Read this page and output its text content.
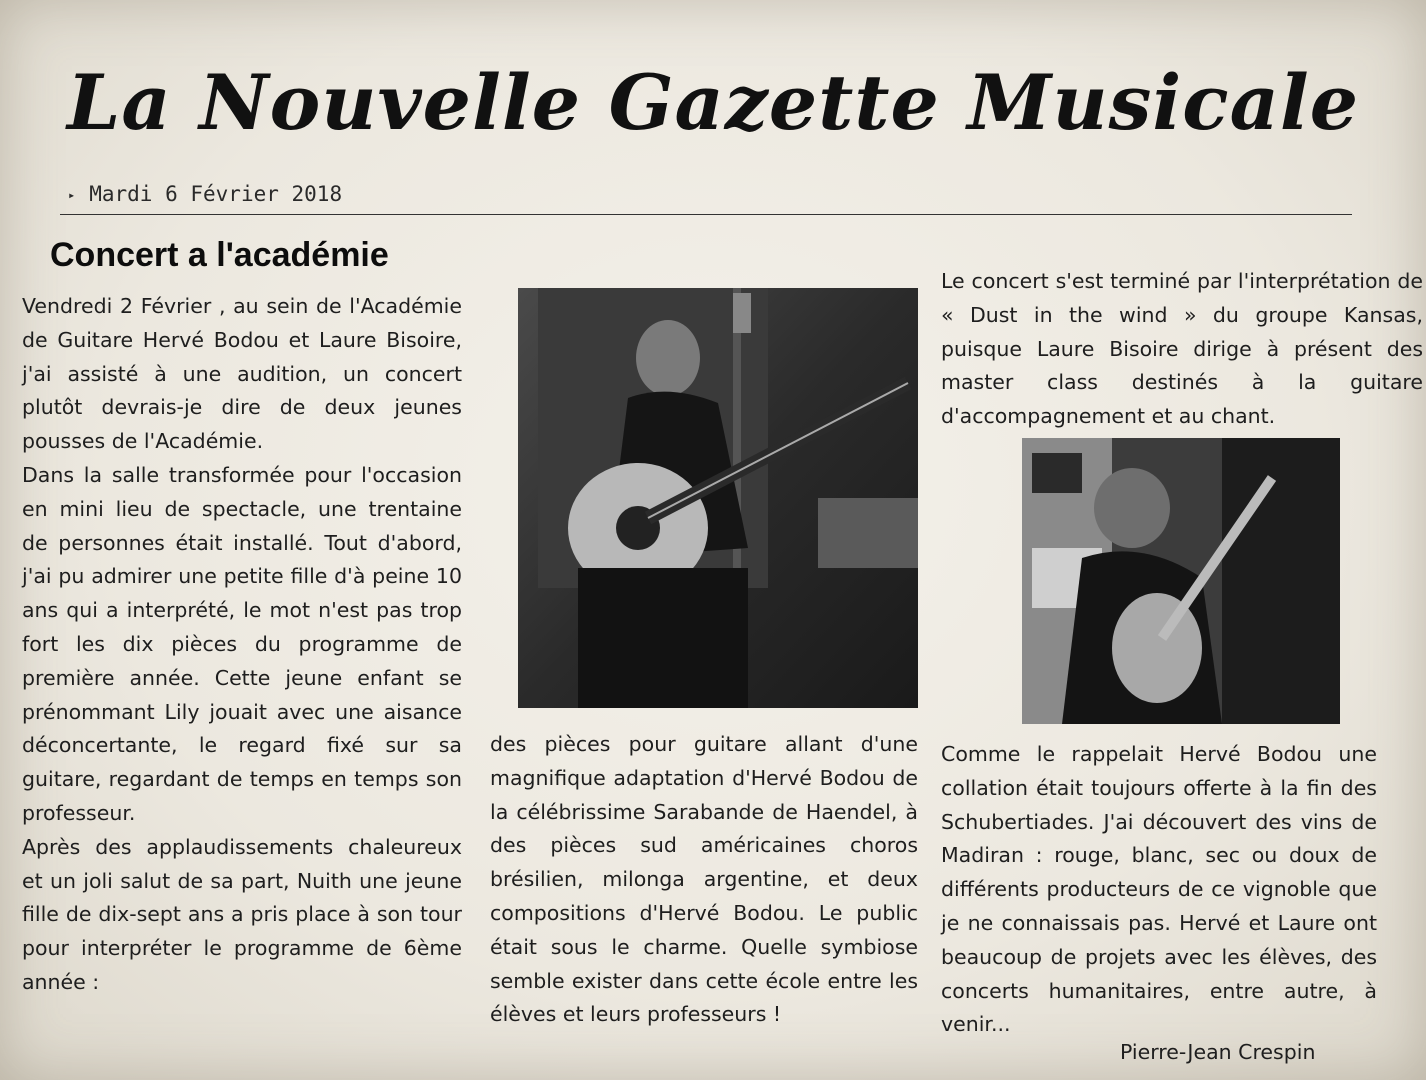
La Nouvelle Gazette Musicale
▸ Mardi 6 Février 2018
Concert a l'académie

Vendredi 2 Février , au sein de l'Académie de Guitare Hervé Bodou et Laure Bisoire, j'ai assisté à une audition, un concert plutôt devrais-je dire de deux jeunes pousses de l'Académie.

Dans la salle transformée pour l'occasion en mini lieu de spectacle, une trentaine de personnes était installé. Tout d'abord, j'ai pu admirer une petite fille d'à peine 10 ans qui a interprété, le mot n'est pas trop fort les dix pièces du programme de première année. Cette jeune enfant se prénommant Lily jouait avec une aisance déconcertante, le regard fixé sur sa guitare, regardant de temps en temps son professeur.

Après des applaudissements chaleureux et un joli salut de sa part, Nuith une jeune fille de dix-sept ans a pris place à son tour pour interpréter le programme de 6ème année :

des pièces pour guitare allant d'une magnifique adaptation d'Hervé Bodou de la célébrissime Sarabande de Haendel, à des pièces sud américaines choros brésilien, milonga argentine, et deux compositions d'Hervé Bodou. Le public était sous le charme. Quelle symbiose semble exister dans cette école entre les élèves et leurs professeurs !

Le concert s'est terminé par l'interprétation de « Dust in the wind » du groupe Kansas, puisque Laure Bisoire dirige à présent des master class destinés à la guitare d'accompagnement et au chant.

Comme le rappelait Hervé Bodou une collation était toujours offerte à la fin des Schubertiades. J'ai découvert des vins de Madiran : rouge, blanc, sec ou doux de différents producteurs de ce vignoble que je ne connaissais pas. Hervé et Laure ont beaucoup de projets avec les élèves, des concerts humanitaires, entre autre, à venir...

Pierre-Jean Crespin
